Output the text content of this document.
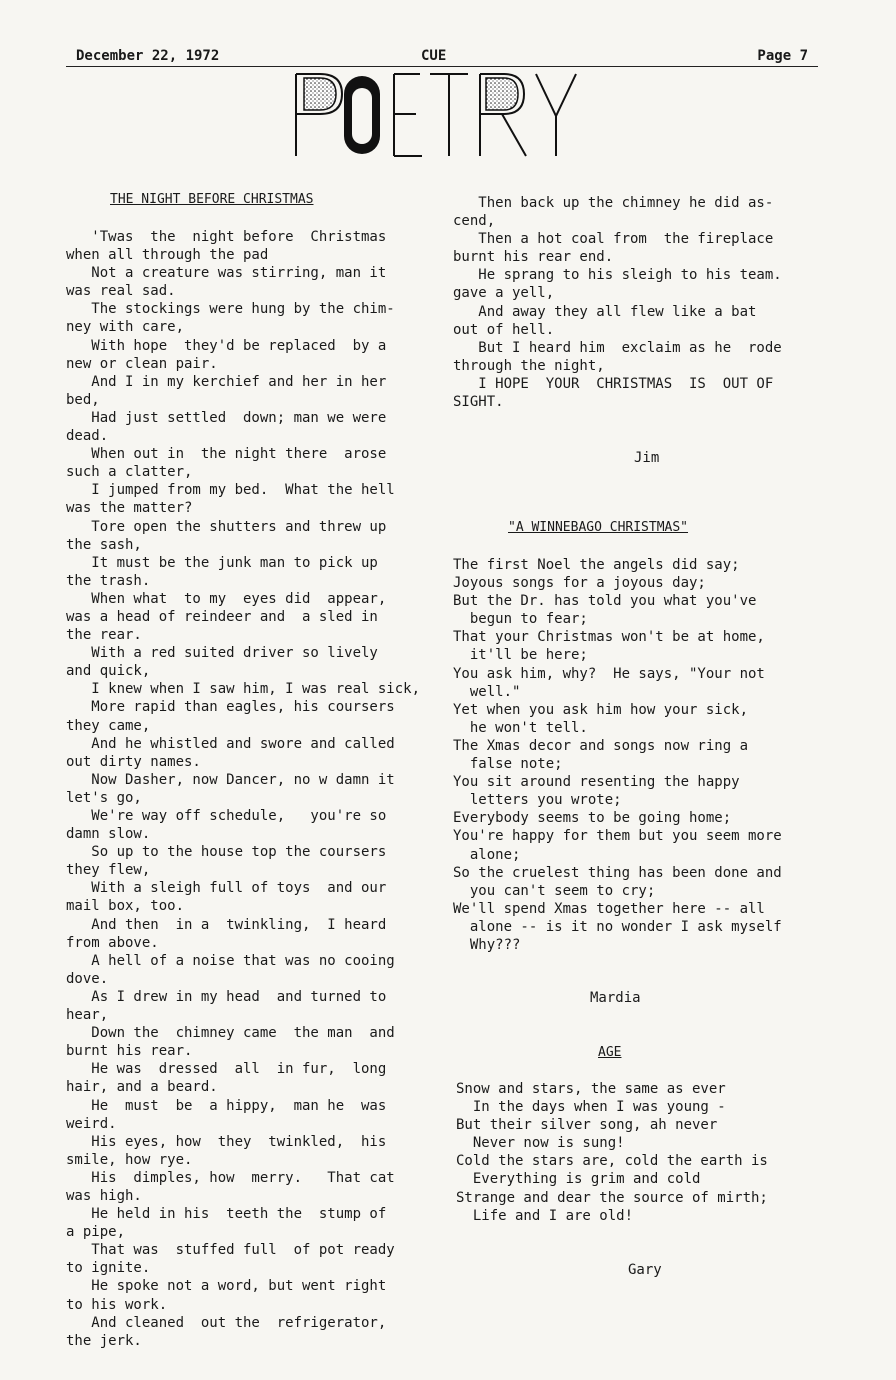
December 22, 1972	CUE	Page 7
THE NIGHT BEFORE CHRISTMAS
'Twas  the  night before  Christmas
when all through the pad
Not a creature was stirring, man it
was real sad.
The stockings were hung by the chim-
ney with care,
With hope  they'd be replaced  by a
new or clean pair.
And I in my kerchief and her in her
bed,
Had just settled  down; man we were
dead.
When out in  the night there  arose
such a clatter,
I jumped from my bed.  What the hell
was the matter?
Tore open the shutters and threw up
the sash,
It must be the junk man to pick up
the trash.
When what  to my  eyes did  appear,
was a head of reindeer and  a sled in
the rear.
With a red suited driver so lively
and quick,
I knew when I saw him, I was real sick,
More rapid than eagles, his coursers
they came,
And he whistled and swore and called
out dirty names.
Now Dasher, now Dancer, no w damn it
let's go,
We're way off schedule,   you're so
damn slow.
So up to the house top the coursers
they flew,
With a sleigh full of toys  and our
mail box, too.
And then  in a  twinkling,  I heard
from above.
A hell of a noise that was no cooing
dove.
As I drew in my head  and turned to
hear,
Down the  chimney came  the man  and
burnt his rear.
He was  dressed  all  in fur,  long
hair, and a beard.
He  must  be  a hippy,  man he  was
weird.
His eyes, how  they  twinkled,  his
smile, how rye.
His  dimples, how  merry.   That cat
was high.
He held in his  teeth the  stump of
a pipe,
That was  stuffed full  of pot ready
to ignite.
He spoke not a word, but went right
to his work.
And cleaned  out the  refrigerator,
the jerk.
Then back up the chimney he did as-
cend,
Then a hot coal from  the fireplace
burnt his rear end.
He sprang to his sleigh to his team.
gave a yell,
And away they all flew like a bat
out of hell.
But I heard him  exclaim as he  rode
through the night,
I HOPE  YOUR  CHRISTMAS  IS  OUT OF
SIGHT.
Jim
"A WINNEBAGO CHRISTMAS"
The first Noel the angels did say;
Joyous songs for a joyous day;
But the Dr. has told you what you've
begun to fear;
That your Christmas won't be at home,
it'll be here;
You ask him, why?  He says, "Your not
well."
Yet when you ask him how your sick,
he won't tell.
The Xmas decor and songs now ring a
false note;
You sit around resenting the happy
letters you wrote;
Everybody seems to be going home;
You're happy for them but you seem more
alone;
So the cruelest thing has been done and
you can't seem to cry;
We'll spend Xmas together here -- all
alone -- is it no wonder I ask myself
Why???
Mardia
AGE
Snow and stars, the same as ever
In the days when I was young -
But their silver song, ah never
Never now is sung!
Cold the stars are, cold the earth is
Everything is grim and cold
Strange and dear the source of mirth;
Life and I are old!
Gary
